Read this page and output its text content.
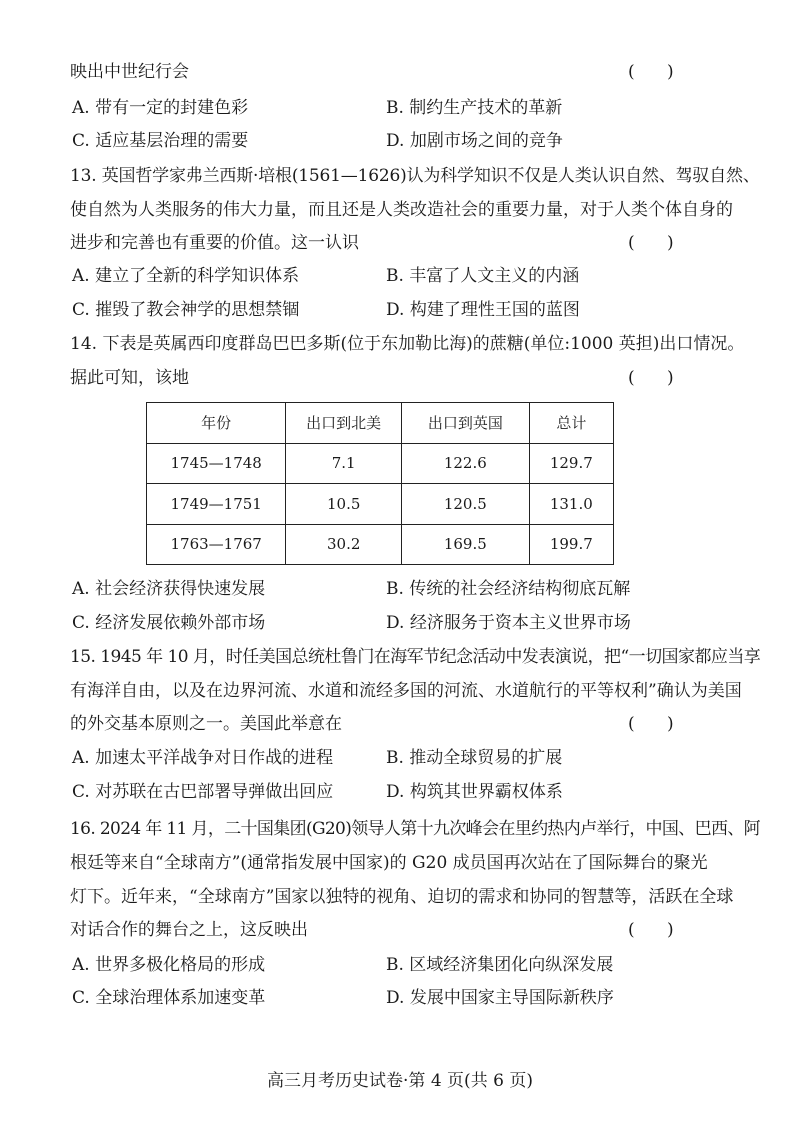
映出中世纪行会	(      )
A. 带有一定的封建色彩	B. 制约生产技术的革新
C. 适应基层治理的需要	D. 加剧市场之间的竞争
13. 英国哲学家弗兰西斯·培根(1561—1626)认为科学知识不仅是人类认识自然、驾驭自然、
使自然为人类服务的伟大力量，而且还是人类改造社会的重要力量，对于人类个体自身的
进步和完善也有重要的价值。这一认识	(      )
A. 建立了全新的科学知识体系	B. 丰富了人文主义的内涵
C. 摧毁了教会神学的思想禁锢	D. 构建了理性王国的蓝图
14. 下表是英属西印度群岛巴巴多斯(位于东加勒比海)的蔗糖(单位:1000 英担)出口情况。
据此可知，该地	(      )
年份	出口到北美	出口到英国	总计
1745—1748	7.1	122.6	129.7
1749—1751	10.5	120.5	131.0
1763—1767	30.2	169.5	199.7
A. 社会经济获得快速发展	B. 传统的社会经济结构彻底瓦解
C. 经济发展依赖外部市场	D. 经济服务于资本主义世界市场
15. 1945 年 10 月，时任美国总统杜鲁门在海军节纪念活动中发表演说，把“一切国家都应当享
有海洋自由，以及在边界河流、水道和流经多国的河流、水道航行的平等权利”确认为美国
的外交基本原则之一。美国此举意在	(      )
A. 加速太平洋战争对日作战的进程	B. 推动全球贸易的扩展
C. 对苏联在古巴部署导弹做出回应	D. 构筑其世界霸权体系
16. 2024 年 11 月，二十国集团(G20)领导人第十九次峰会在里约热内卢举行，中国、巴西、阿
根廷等来自“全球南方”(通常指发展中国家)的 G20 成员国再次站在了国际舞台的聚光
灯下。近年来，“全球南方”国家以独特的视角、迫切的需求和协同的智慧等，活跃在全球
对话合作的舞台之上，这反映出	(      )
A. 世界多极化格局的形成	B. 区域经济集团化向纵深发展
C. 全球治理体系加速变革	D. 发展中国家主导国际新秩序
高三月考历史试卷·第 4 页(共 6 页)
